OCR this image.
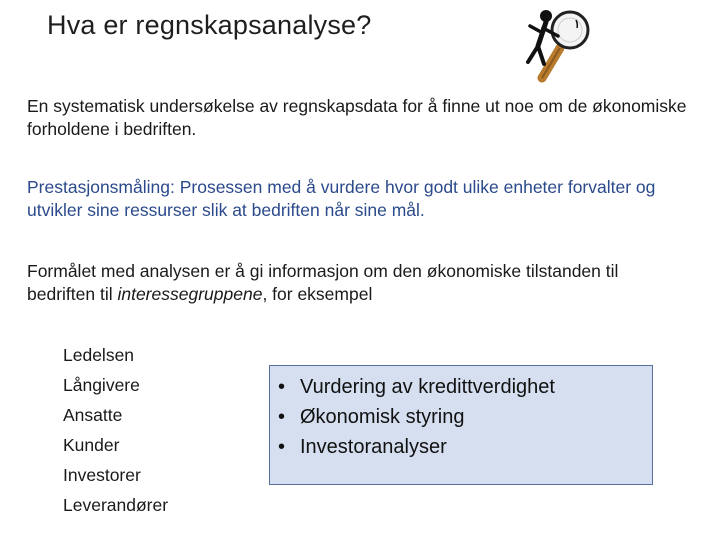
Hva er regnskapsanalyse?

En systematisk undersøkelse av regnskapsdata for å finne ut noe om de økonomiske forholdene i bedriften.

Prestasjonsmåling: Prosessen med å vurdere hvor godt ulike enheter forvalter og utvikler sine ressurser slik at bedriften når sine mål.

Formålet med analysen er å gi informasjon om den økonomiske tilstanden til bedriften til interessegruppene, for eksempel

Ledelsen
Långivere
Ansatte
Kunder
Investorer
Leverandører
• Vurdering av kredittverdighet
• Økonomisk styring
• Investoranalyser
